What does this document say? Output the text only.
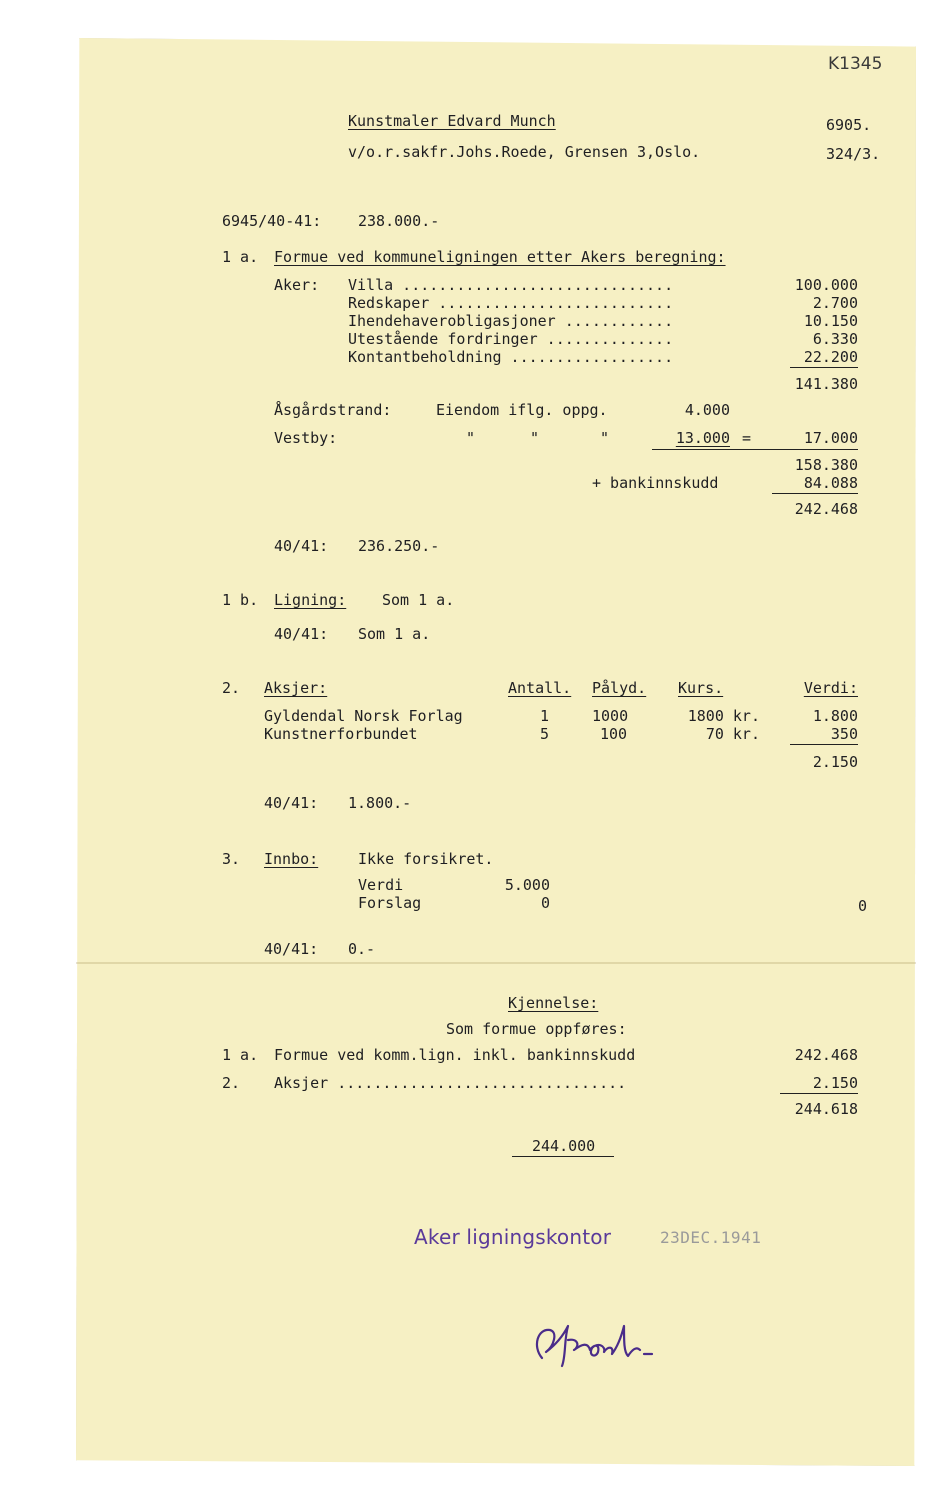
K1345
Kunstmaler Edvard Munch
v/o.r.sakfr.Johs.Roede, Grensen 3,Oslo.
6905.
324/3.
6945/40-41: 238.000.-
1 a. Formue ved kommuneligningen etter Akers beregning:
Aker: Villa ..............................	100.000
Redskaper ..........................	2.700
Ihendehaverobligasjoner ............	10.150
Utestående fordringer ..............	6.330
Kontantbeholdning ..................	22.200
141.380
Åsgårdstrand:	Eiendom iflg. oppg.	4.000
Vestby:	"	"	"	13.000 =	17.000
158.380
+ bankinnskudd	84.088
242.468
40/41: 236.250.-
1 b. Ligning: Som 1 a.
40/41: Som 1 a.
2. Aksjer:	Antall. Pålyd. Kurs.	Verdi:
Gyldendal Norsk Forlag	1	1000	1800 kr.	1.800
Kunstnerforbundet	5	100	70 kr.	350
2.150
40/41: 1.800.-
3. Innbo:	Ikke forsikret.
Verdi	5.000
Forslag	0	0
40/41: 0.-
Kjennelse:
Som formue oppføres:
1 a. Formue ved komm.lign. inkl. bankinnskudd	242.468
2. Aksjer ................................	2.150
244.618
244.000
Aker ligningskontor	23DEC.1941
